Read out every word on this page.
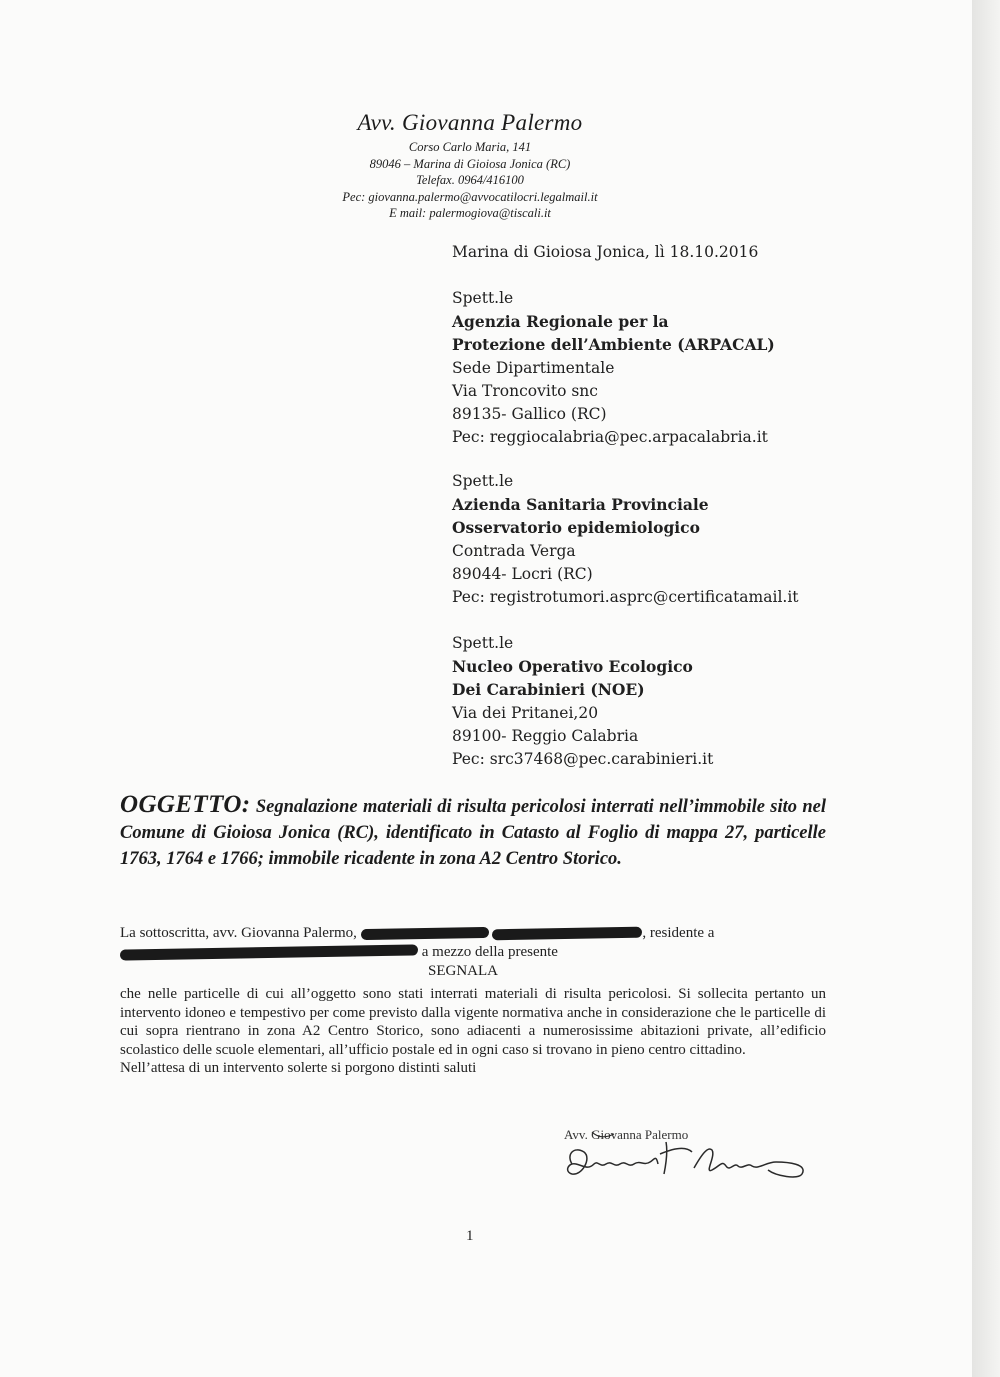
Avv. Giovanna Palermo
Corso Carlo Maria, 141
89046 – Marina di Gioiosa Jonica (RC)
Telefax. 0964/416100
Pec: giovanna.palermo@avvocatilocri.legalmail.it
E mail: palermogiova@tiscali.it
Marina di Gioiosa Jonica, lì 18.10.2016
Spett.le
Agenzia Regionale per la
Protezione dell’Ambiente (ARPACAL)
Sede Dipartimentale
Via Troncovito snc
89135- Gallico (RC)
Pec: reggiocalabria@pec.arpacalabria.it
Spett.le
Azienda Sanitaria Provinciale
Osservatorio epidemiologico
Contrada Verga
89044- Locri (RC)
Pec: registrotumori.asprc@certificatamail.it
Spett.le
Nucleo Operativo Ecologico
Dei Carabinieri (NOE)
Via dei Pritanei,20
89100- Reggio Calabria
Pec: src37468@pec.carabinieri.it
OGGETTO: Segnalazione materiali di risulta pericolosi interrati nell’immobile sito nel Comune di Gioiosa Jonica (RC), identificato in Catasto al Foglio di mappa 27, particelle 1763, 1764 e 1766; immobile ricadente in zona A2 Centro Storico.
La sottoscritta, avv. Giovanna Palermo,	, residente a
a mezzo della presente
SEGNALA
che nelle particelle di cui all’oggetto sono stati interrati materiali di risulta pericolosi. Si sollecita pertanto un intervento idoneo e tempestivo per come previsto dalla vigente normativa anche in considerazione che le particelle di cui sopra rientrano in zona A2 Centro Storico, sono adiacenti a numerosissime abitazioni private, all’edificio scolastico delle scuole elementari, all’ufficio postale ed in ogni caso si trovano in pieno centro cittadino.
Nell’attesa di un intervento solerte si porgono distinti saluti
Avv. Giovanna Palermo
1
